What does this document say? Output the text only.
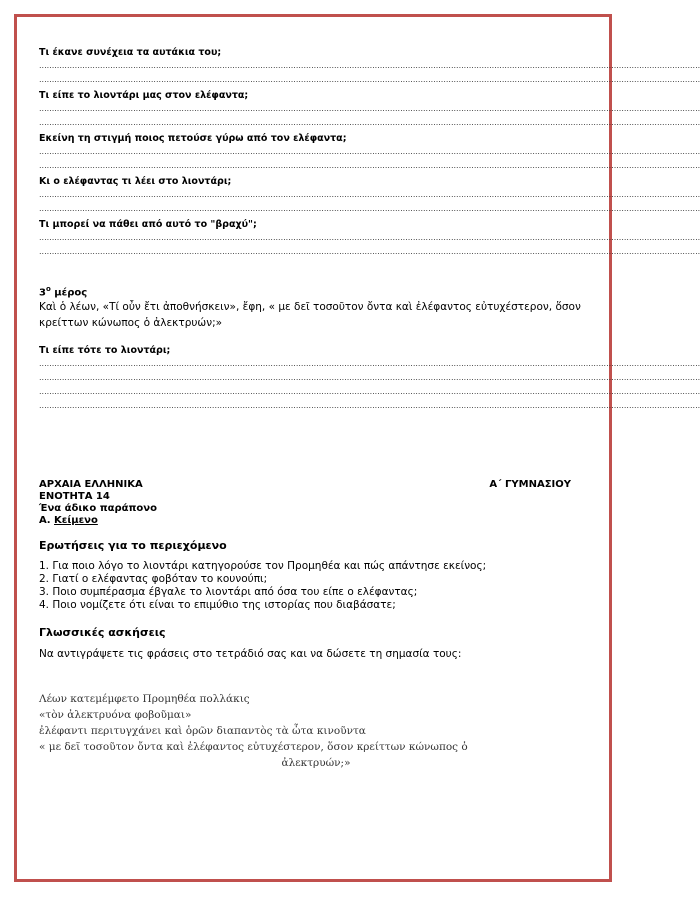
Τι έκανε συνέχεια τα αυτάκια του;

....................................................................................................................................................................................................................................................................
....................................................................................................................................................................................................................................................................

Τι είπε το λιοντάρι μας στον ελέφαντα;

....................................................................................................................................................................................................................................................................
....................................................................................................................................................................................................................................................................

Εκείνη τη στιγμή ποιος πετούσε γύρω από τον ελέφαντα;

....................................................................................................................................................................................................................................................................
....................................................................................................................................................................................................................................................................

Κι ο ελέφαντας τι λέει στο λιοντάρι;

....................................................................................................................................................................................................................................................................
....................................................................................................................................................................................................................................................................

Τι μπορεί να πάθει από αυτό το "βραχύ";

....................................................................................................................................................................................................................................................................
....................................................................................................................................................................................................................................................................
$3^o$ μέρος

Καὶ ὁ λέων, «Τί οὖν ἔτι ἀποθνήσκειν», ἔφη, « με δεῖ τοσοῦτον ὄντα καὶ ἐλέφαντος εὐτυχέστερον, ὅσον κρείττων κώνωπος ὁ ἀλεκτρυών;»

Τι είπε τότε το λιοντάρι;

....................................................................................................................................................................................................................................................................
....................................................................................................................................................................................................................................................................
....................................................................................................................................................................................................................................................................
....................................................................................................................................................................................................................................................................
ΑΡΧΑΙΑ ΕΛΛΗΝΙΚΑ	Α΄ ΓΥΜΝΑΣΙΟΥ

ΕΝΟΤΗΤΑ 14

Ένα άδικο παράπονο

Α. Κείμενο

Ερωτήσεις για το περιεχόμενο
1. Για ποιο λόγο το λιοντάρι κατηγορούσε τον Προμηθέα και πώς απάντησε εκείνος;
2. Γιατί ο ελέφαντας φοβόταν το κουνούπι;
3. Ποιο συμπέρασμα έβγαλε το λιοντάρι από όσα του είπε ο ελέφαντας;
4. Ποιο νομίζετε ότι είναι το επιμύθιο της ιστορίας που διαβάσατε;
Γλωσσικές ασκήσεις

Να αντιγράψετε τις φράσεις στο τετράδιό σας και να δώσετε τη σημασία τους:

Λέων κατεμέμφετο Προμηθέα πολλάκις

«τὸν ἀλεκτρυόνα φοβοῦμαι»

ἐλέφαντι περιτυγχάνει καὶ ὁρῶν διαπαντὸς τὰ ὦτα κινοῦντα

« με δεῖ τοσοῦτον ὄντα καὶ ἐλέφαντος εὐτυχέστερον, ὅσον κρείττων κώνωπος ὁ

ἀλεκτρυών;»
